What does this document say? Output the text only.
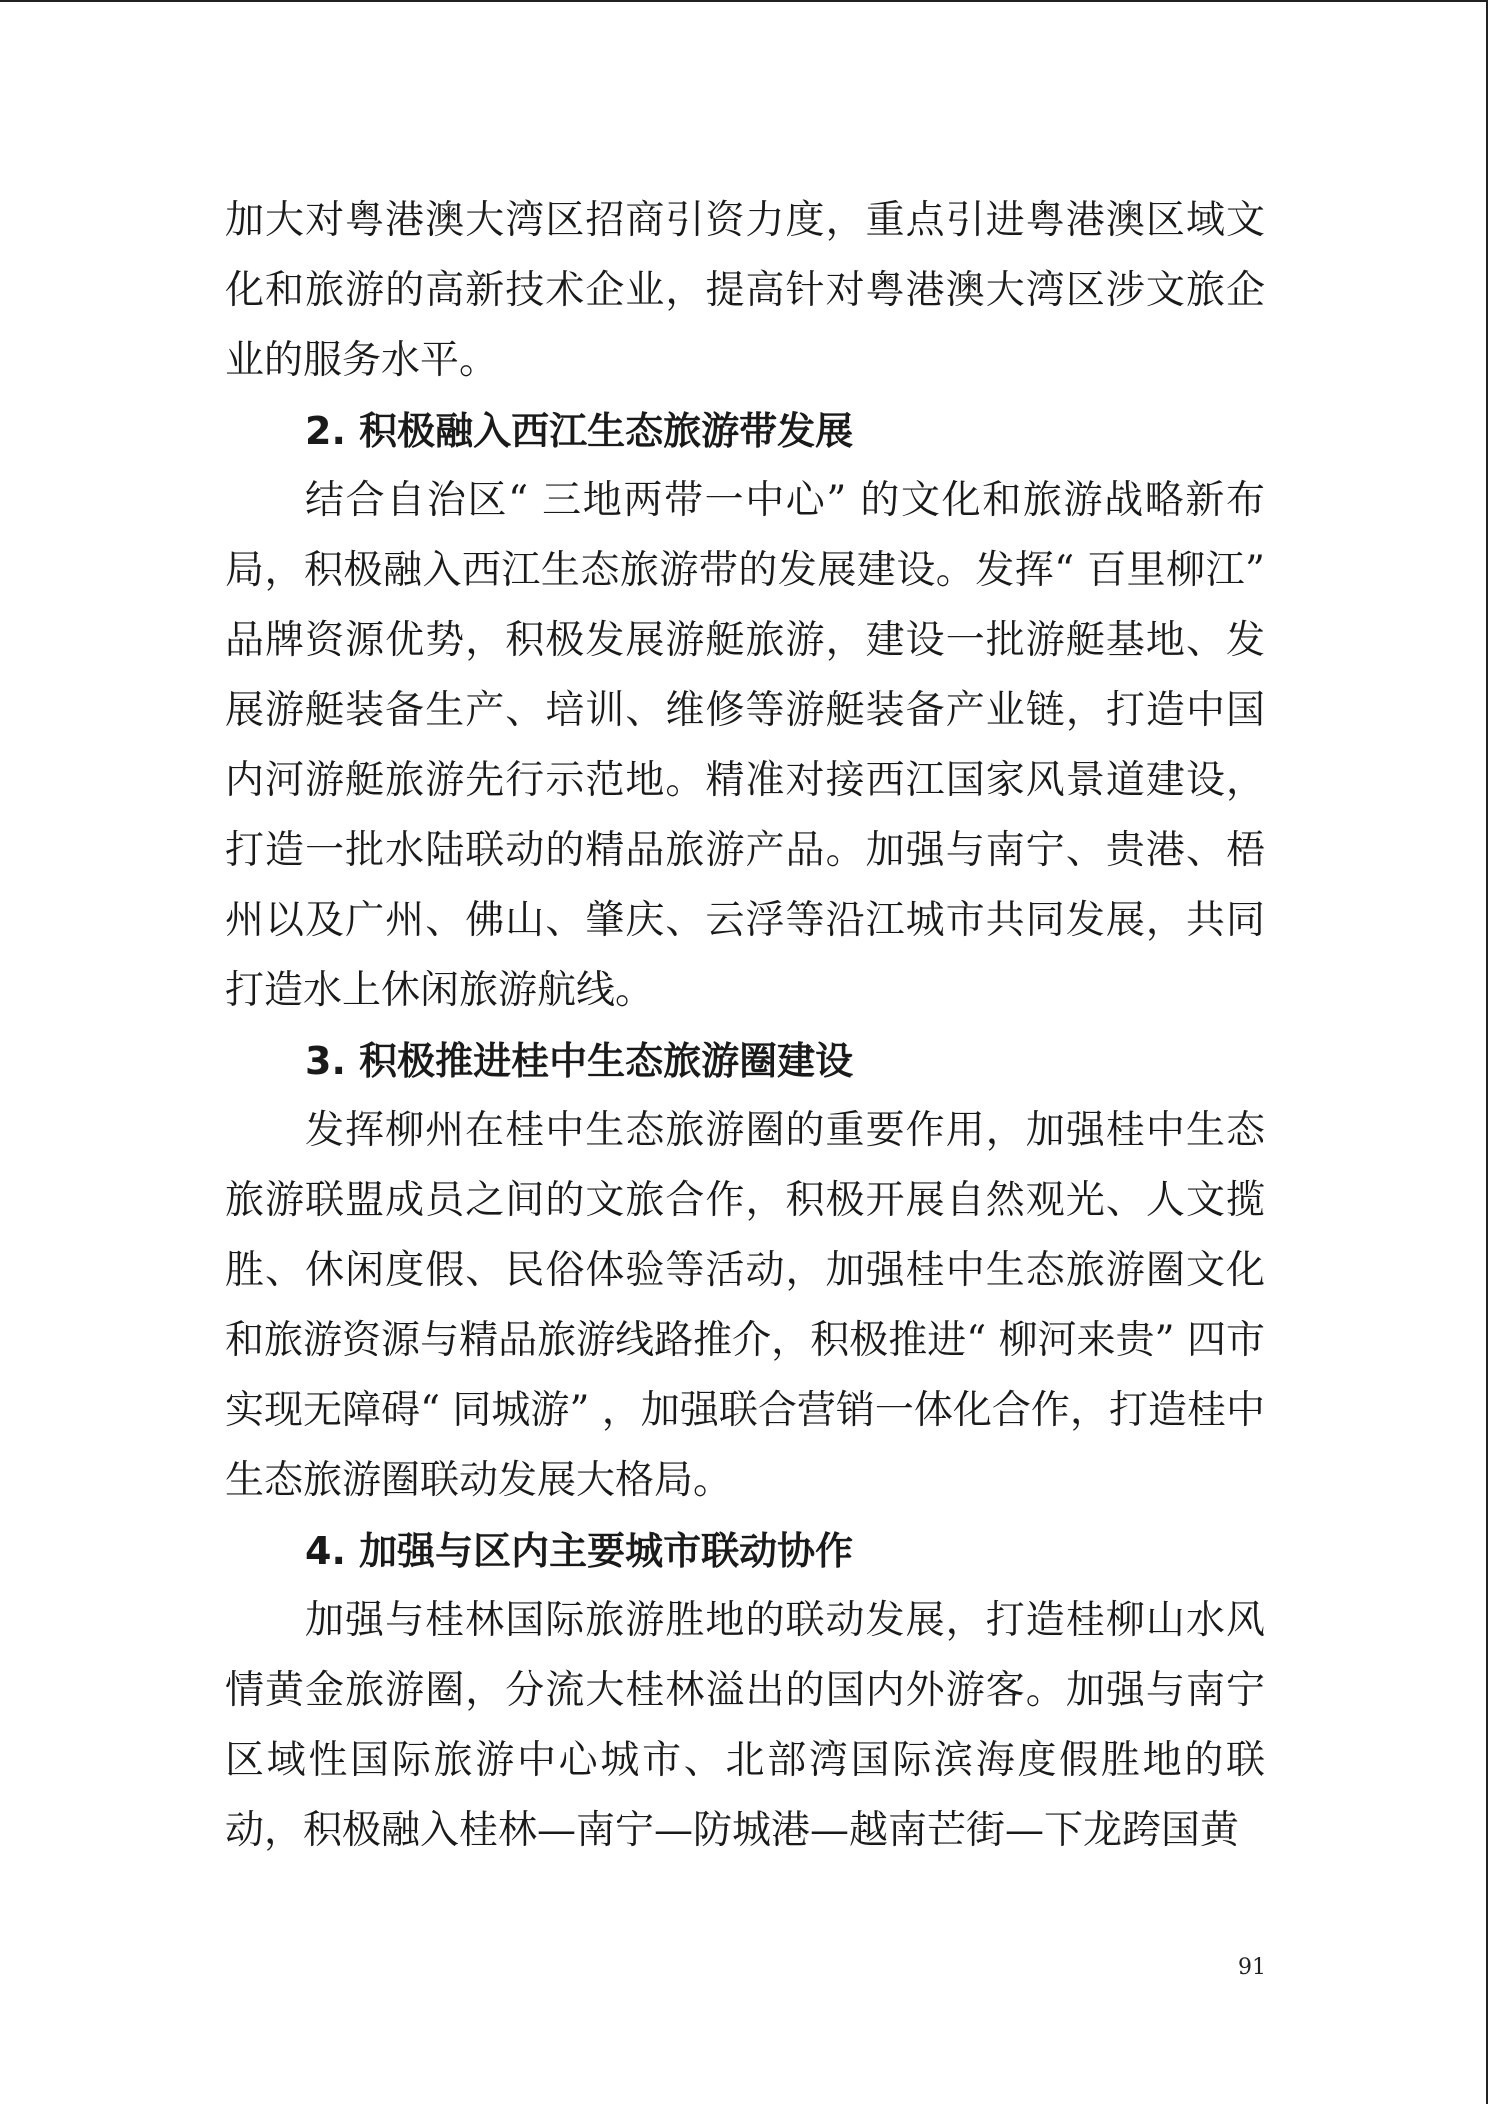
加大对粤港澳大湾区招商引资力度，重点引进粤港澳区域文化和旅游的高新技术企业，提高针对粤港澳大湾区涉文旅企业的服务水平。

2. 积极融入西江生态旅游带发展

结合自治区“ 三地两带一中心” 的文化和旅游战略新布局，积极融入西江生态旅游带的发展建设。发挥“ 百里柳江” 品牌资源优势，积极发展游艇旅游，建设一批游艇基地、发展游艇装备生产、培训、维修等游艇装备产业链，打造中国内河游艇旅游先行示范地。精准对接西江国家风景道建设，打造一批水陆联动的精品旅游产品。加强与南宁、贵港、梧州以及广州、佛山、肇庆、云浮等沿江城市共同发展，共同打造水上休闲旅游航线。

3. 积极推进桂中生态旅游圈建设

发挥柳州在桂中生态旅游圈的重要作用，加强桂中生态旅游联盟成员之间的文旅合作，积极开展自然观光、人文揽胜、休闲度假、民俗体验等活动，加强桂中生态旅游圈文化和旅游资源与精品旅游线路推介，积极推进“ 柳河来贵” 四市实现无障碍“ 同城游” ，加强联合营销一体化合作，打造桂中生态旅游圈联动发展大格局。

4. 加强与区内主要城市联动协作

加强与桂林国际旅游胜地的联动发展，打造桂柳山水风情黄金旅游圈，分流大桂林溢出的国内外游客。加强与南宁区域性国际旅游中心城市、北部湾国际滨海度假胜地的联动，积极融入桂林—南宁—防城港—越南芒街—下龙跨国黄

91
